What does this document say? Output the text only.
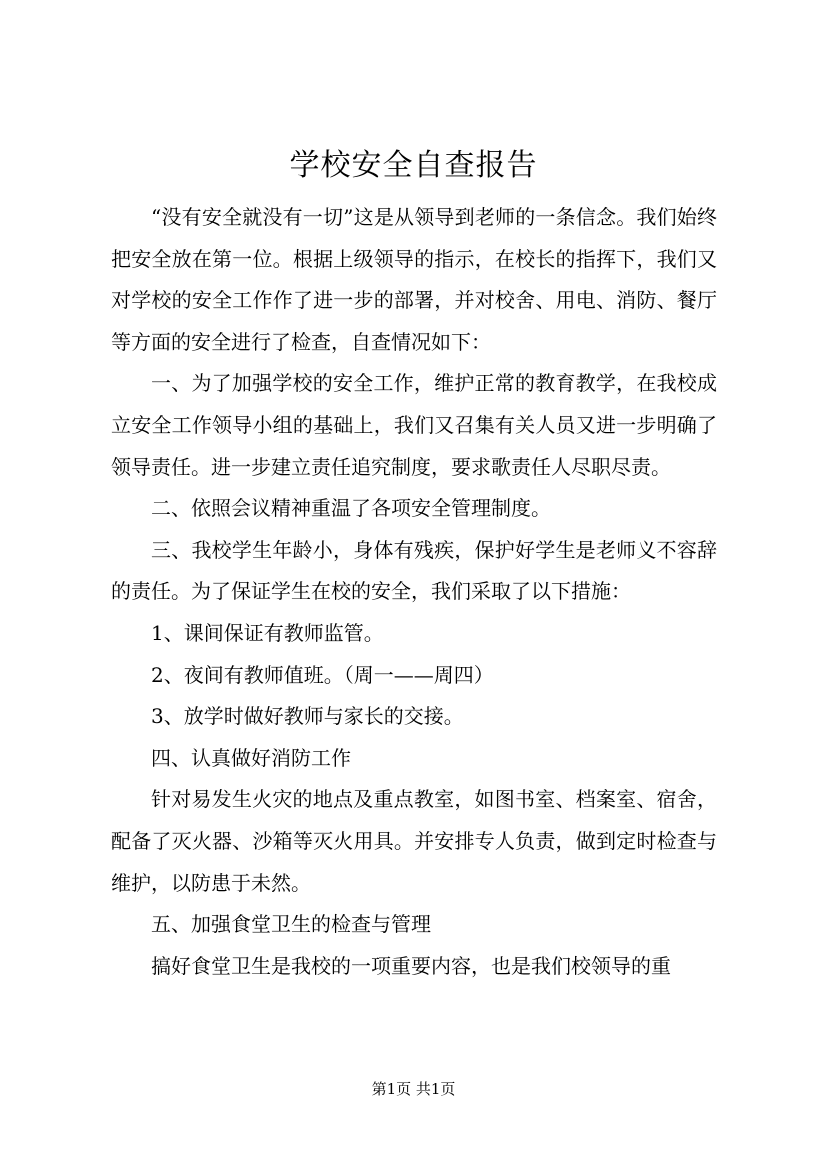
学校安全自查报告

“没有安全就没有一切”这是从领导到老师的一条信念。我们始终把安全放在第一位。根据上级领导的指示，在校长的指挥下，我们又对学校的安全工作作了进一步的部署，并对校舍、用电、消防、餐厅等方面的安全进行了检查，自查情况如下：

一、为了加强学校的安全工作，维护正常的教育教学，在我校成立安全工作领导小组的基础上，我们又召集有关人员又进一步明确了领导责任。进一步建立责任追究制度，要求歌责任人尽职尽责。

二、依照会议精神重温了各项安全管理制度。

三、我校学生年龄小，身体有残疾，保护好学生是老师义不容辞的责任。为了保证学生在校的安全，我们采取了以下措施：

1、课间保证有教师监管。

2、夜间有教师值班。（周一——周四）

3、放学时做好教师与家长的交接。

四、认真做好消防工作

针对易发生火灾的地点及重点教室，如图书室、档案室、宿舍，配备了灭火器、沙箱等灭火用具。并安排专人负责，做到定时检查与维护，以防患于未然。

五、加强食堂卫生的检查与管理

搞好食堂卫生是我校的一项重要内容，也是我们校领导的重

第1页 共1页
